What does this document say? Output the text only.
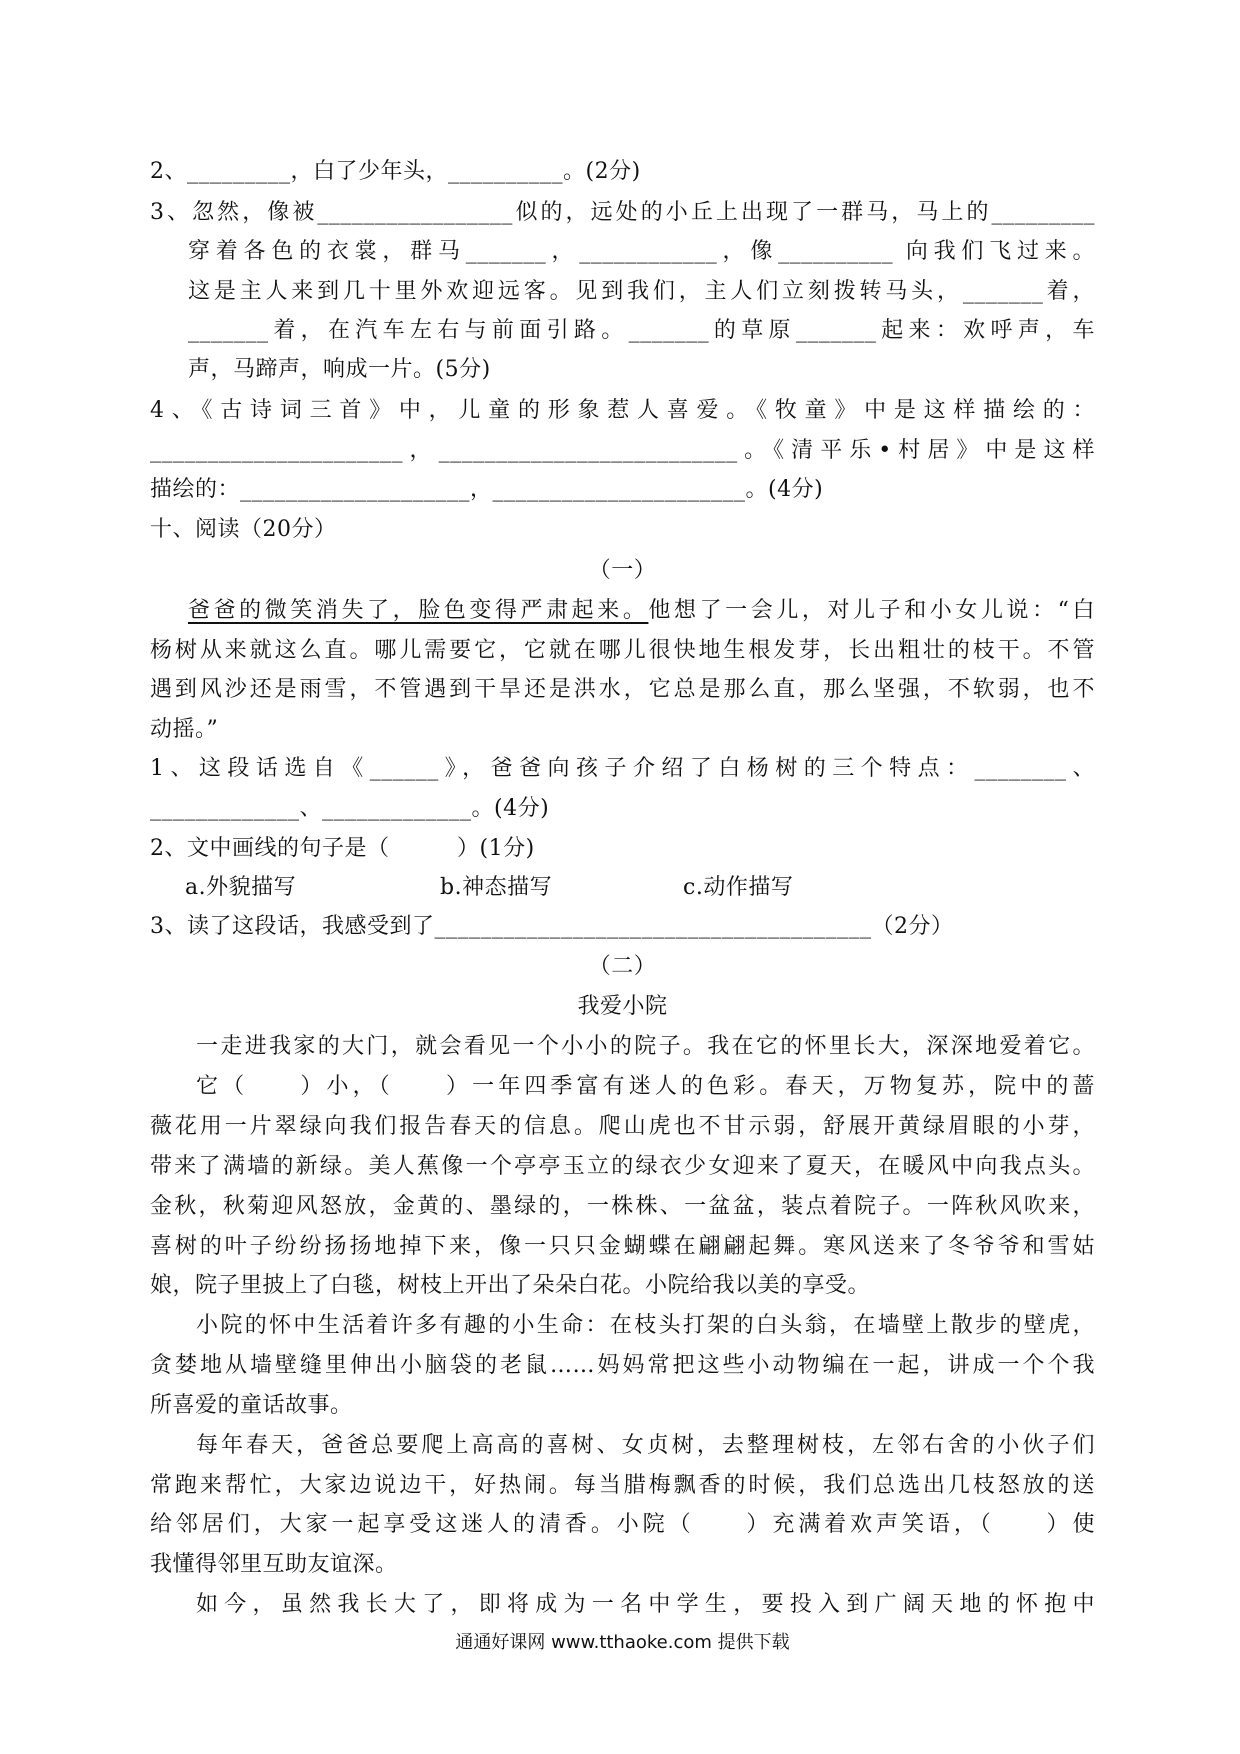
2、_________，白了少年头，__________。(2分)
3、忽然，像被_________________似的，远处的小丘上出现了一群马，马上的_________
穿着各色的衣裳，群马_______，____________，像__________ 向我们飞过来。
这是主人来到几十里外欢迎远客。见到我们，主人们立刻拨转马头，_______着，
_______着，在汽车左右与前面引路。_______的草原_______起来：欢呼声，车
声，马蹄声，响成一片。(5分)
4、《古诗词三首》中，儿童的形象惹人喜爱。《牧童》中是这样描绘的：
______________________，__________________________。《清平乐•村居》中是这样
描绘的：____________________，______________________。(4分)
十、阅读（20分）
（一）
爸爸的微笑消失了，脸色变得严肃起来。他想了一会儿，对儿子和小女儿说：“白
杨树从来就这么直。哪儿需要它，它就在哪儿很快地生根发芽，长出粗壮的枝干。不管
遇到风沙还是雨雪，不管遇到干旱还是洪水，它总是那么直，那么坚强，不软弱，也不
动摇。”
1、这段话选自《______》，爸爸向孩子介绍了白杨树的三个特点：________、
_____________、_____________。(4分)
2、文中画线的句子是（　　　）(1分)
a.外貌描写	b.神态描写	c.动作描写
3、读了这段话，我感受到了______________________________________（2分）
（二）
我爱小院
一走进我家的大门，就会看见一个小小的院子。我在它的怀里长大，深深地爱着它。
它（　　）小，（　　）一年四季富有迷人的色彩。春天，万物复苏，院中的蔷
薇花用一片翠绿向我们报告春天的信息。爬山虎也不甘示弱，舒展开黄绿眉眼的小芽，
带来了满墙的新绿。美人蕉像一个亭亭玉立的绿衣少女迎来了夏天，在暖风中向我点头。
金秋，秋菊迎风怒放，金黄的、墨绿的，一株株、一盆盆，装点着院子。一阵秋风吹来，
喜树的叶子纷纷扬扬地掉下来，像一只只金蝴蝶在翩翩起舞。寒风送来了冬爷爷和雪姑
娘，院子里披上了白毯，树枝上开出了朵朵白花。小院给我以美的享受。
小院的怀中生活着许多有趣的小生命：在枝头打架的白头翁，在墙壁上散步的壁虎，
贪婪地从墙壁缝里伸出小脑袋的老鼠……妈妈常把这些小动物编在一起，讲成一个个我
所喜爱的童话故事。
每年春天，爸爸总要爬上高高的喜树、女贞树，去整理树枝，左邻右舍的小伙子们
常跑来帮忙，大家边说边干，好热闹。每当腊梅飘香的时候，我们总选出几枝怒放的送
给邻居们，大家一起享受这迷人的清香。小院（　　）充满着欢声笑语，（　　）使
我懂得邻里互助友谊深。
如今，虽然我长大了，即将成为一名中学生，要投入到广阔天地的怀抱中
通通好课网 www.tthaoke.com 提供下载
